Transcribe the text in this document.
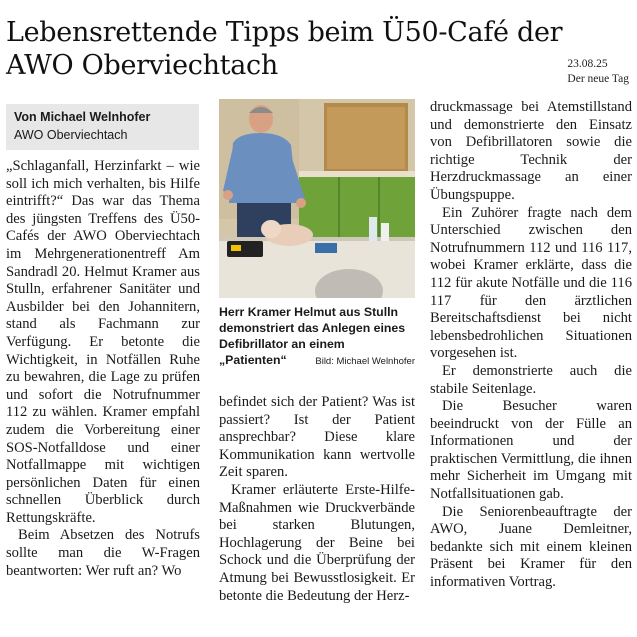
Lebensrettende Tipps beim Ü50-Café der
AWO Oberviechtach	23.08.25
Der neue Tag
Von Michael Welnhofer
AWO Oberviechtach

„Schlaganfall, Herzinfarkt – wie soll ich mich verhalten, bis Hilfe eintrifft?“ Das war das Thema des jüngsten Treffens des Ü50-Cafés der AWO Oberviechtach im Mehrgenerationentreff Am Sandradl 20. Helmut Kramer aus Stulln, erfahrener Sanitäter und Ausbilder bei den Johannitern, stand als Fachmann zur Verfügung. Er betonte die Wichtigkeit, in Notfällen Ruhe zu bewahren, die Lage zu prüfen und sofort die Notrufnummer 112 zu wählen. Kramer empfahl zudem die Vorbereitung einer SOS-Notfalldose und einer Notfallmappe mit wichtigen persönlichen Daten für einen schnellen Überblick durch Rettungskräfte.

Beim Absetzen des Notrufs sollte man die W-Fragen beantworten: Wer ruft an? Wo

Herr Kramer Helmut aus Stulln demonstriert das Anlegen eines Defibrillator an einem „Patienten“	Bild: Michael Welnhofer

befindet sich der Patient? Was ist passiert? Ist der Patient ansprechbar? Diese klare Kommunikation kann wertvolle Zeit sparen.

Kramer erläuterte Erste-Hilfe-Maßnahmen wie Druckverbände bei starken Blutungen, Hochlagerung der Beine bei Schock und die Überprüfung der Atmung bei Bewusstlosigkeit. Er betonte die Bedeutung der Herz-

druckmassage bei Atemstillstand und demonstrierte den Einsatz von Defibrillatoren sowie die richtige Technik der Herzdruckmassage an einer Übungspuppe.

Ein Zuhörer fragte nach dem Unterschied zwischen den Notrufnummern 112 und 116 117, wobei Kramer erklärte, dass die 112 für akute Notfälle und die 116 117 für den ärztlichen Bereitschaftsdienst bei nicht lebensbedrohlichen Situationen vorgesehen ist.

Er demonstrierte auch die stabile Seitenlage.

Die Besucher waren beeindruckt von der Fülle an Informationen und der praktischen Vermittlung, die ihnen mehr Sicherheit im Umgang mit Notfallsituationen gab.

Die Seniorenbeauftragte der AWO, Juane Demleitner, bedankte sich mit einem kleinen Präsent bei Kramer für den informativen Vortrag.
